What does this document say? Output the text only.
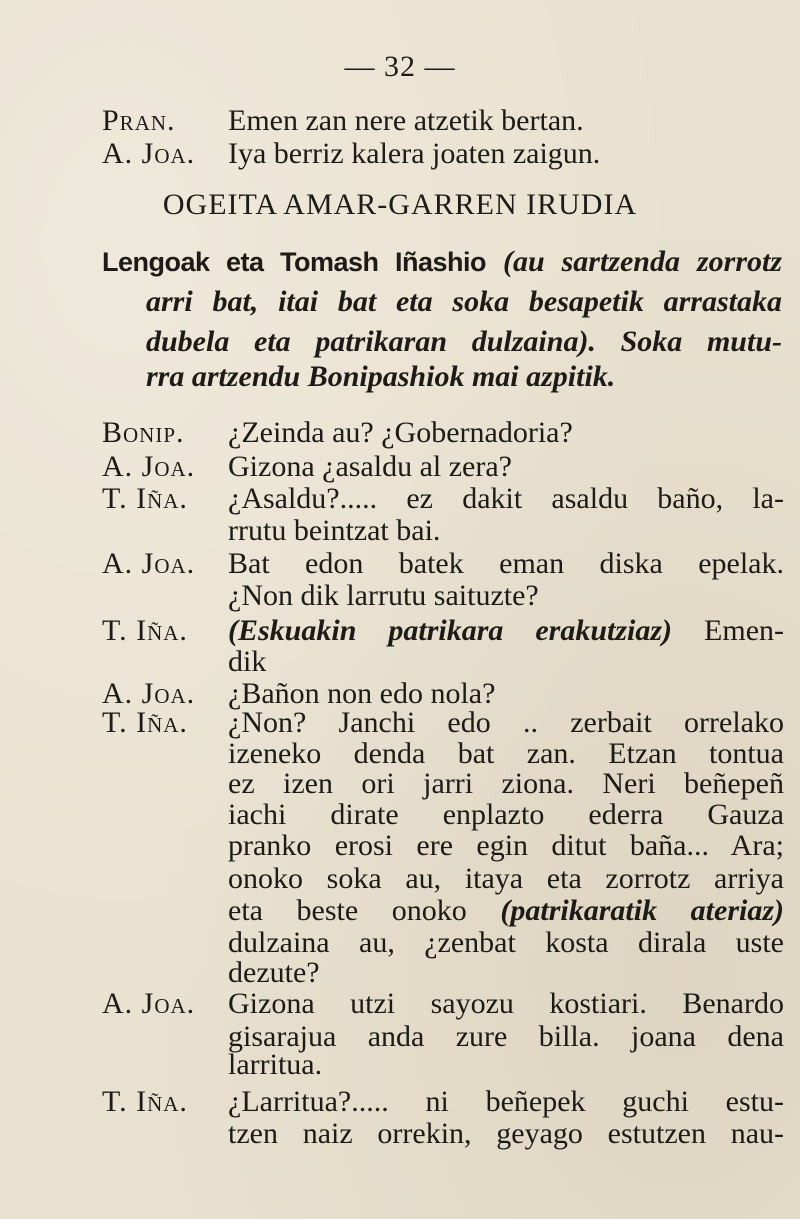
— 32 —
Pran. Emen zan nere atzetik bertan.
A. Joa. Iya berriz kalera joaten zaigun.
OGEITA AMAR-GARREN IRUDIA
Lengoak eta Tomash Iñashio (au sartzenda zorrotz
arri bat, itai bat eta soka besapetik arrastaka
dubela eta patrikaran dulzaina). Soka mutu-
rra artzendu Bonipashiok mai azpitik.
Bonip. ¿Zeinda au? ¿Gobernadoria?
A. Joa. Gizona ¿asaldu al zera?
T. Iña. ¿Asaldu?..... ez dakit asaldu baño, la-
rrutu beintzat bai.
A. Joa. Bat edon batek eman diska epelak.
¿Non dik larrutu saituzte?
T. Iña. (Eskuakin patrikara erakutziaz) Emen-
dik
A. Joa. ¿Bañon non edo nola?
T. Iña. ¿Non? Janchi edo .. zerbait orrelako
izeneko denda bat zan. Etzan tontua
ez izen ori jarri ziona. Neri beñepeñ
iachi dirate enplazto ederra Gauza
pranko erosi ere egin ditut baña... Ara;
onoko soka au, itaya eta zorrotz arriya
eta beste onoko (patrikaratik ateriaz)
dulzaina au, ¿zenbat kosta dirala uste
dezute?
A. Joa. Gizona utzi sayozu kostiari. Benardo
gisarajua anda zure billa. joana dena
larritua.
T. Iña. ¿Larritua?..... ni beñepek guchi estu-
tzen naiz orrekin, geyago estutzen nau-
